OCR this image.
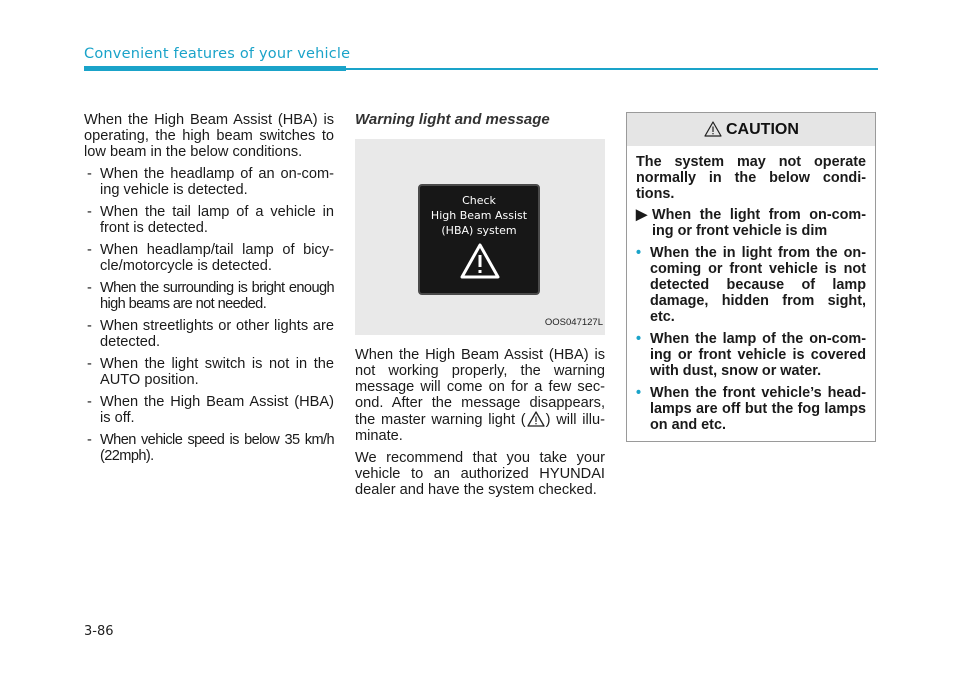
Convenient features of your vehicle

When the High Beam Assist (HBA) is operating, the high beam switches to low beam in the below conditions.

- When the headlamp of an on-com- ing vehicle is detected.
- When the tail lamp of a vehicle in front is detected.
- When headlamp/tail lamp of bicy- cle/motorcycle is detected.
- When the surrounding is bright enough high beams are not needed.
- When streetlights or other lights are detected.
- When the light switch is not in the AUTO position.
- When the High Beam Assist (HBA) is off.
- When vehicle speed is below 35 km/h (22mph).
Warning light and message
Check
High Beam Assist
(HBA) system
OOS047127L

When the High Beam Assist (HBA) is not working properly, the warning message will come on for a few sec- ond. After the message disappears, the master warning light ( ) will illu- minate.

We recommend that you take your vehicle to an authorized HYUNDAI dealer and have the system checked.

CAUTION

The system may not operate normally in the below condi- tions.

▶ When the light from on-com- ing or front vehicle is dim
• When the in light from the on- coming or front vehicle is not detected because of lamp damage, hidden from sight, etc.
• When the lamp of the on-com- ing or front vehicle is covered with dust, snow or water.
• When the front vehicle’s head- lamps are off but the fog lamps on and etc.
3-86
